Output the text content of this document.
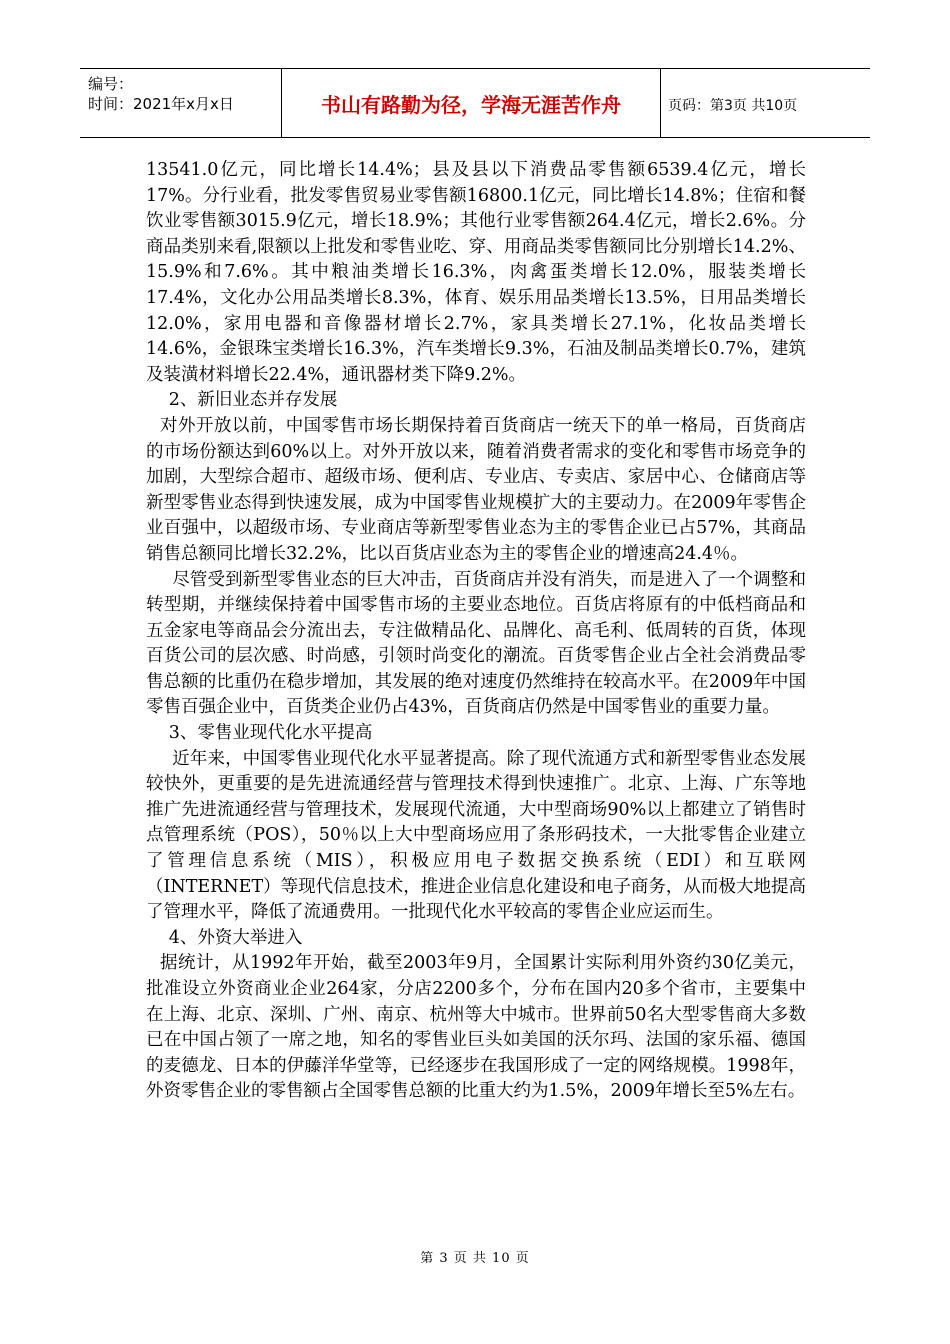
编号：
时间：2021年x月x日	书山有路勤为径，学海无涯苦作舟	页码：第3页 共10页

13541.0亿元，同比增长14.4%；县及县以下消费品零售额6539.4亿元，增长17%。分行业看，批发零售贸易业零售额16800.1亿元，同比增长14.8%；住宿和餐饮业零售额3015.9亿元，增长18.9%；其他行业零售额264.4亿元，增长2.6%。分商品类别来看,限额以上批发和零售业吃、穿、用商品类零售额同比分别增长14.2%、15.9%和7.6%。其中粮油类增长16.3%，肉禽蛋类增长12.0%，服装类增长17.4%，文化办公用品类增长8.3%，体育、娱乐用品类增长13.5%，日用品类增长12.0%，家用电器和音像器材增长2.7%，家具类增长27.1%，化妆品类增长14.6%，金银珠宝类增长16.3%，汽车类增长9.3%，石油及制品类增长0.7%，建筑及装潢材料增长22.4%，通讯器材类下降9.2%。

2、新旧业态并存发展

对外开放以前，中国零售市场长期保持着百货商店一统天下的单一格局，百货商店的市场份额达到60%以上。对外开放以来，随着消费者需求的变化和零售市场竞争的加剧，大型综合超市、超级市场、便利店、专业店、专卖店、家居中心、仓储商店等新型零售业态得到快速发展，成为中国零售业规模扩大的主要动力。在2009年零售企业百强中，以超级市场、专业商店等新型零售业态为主的零售企业已占57%，其商品销售总额同比增长32.2%，比以百货店业态为主的零售企业的增速高24.4％。

尽管受到新型零售业态的巨大冲击，百货商店并没有消失，而是进入了一个调整和转型期，并继续保持着中国零售市场的主要业态地位。百货店将原有的中低档商品和五金家电等商品会分流出去，专注做精品化、品牌化、高毛利、低周转的百货，体现百货公司的层次感、时尚感，引领时尚变化的潮流。百货零售企业占全社会消费品零售总额的比重仍在稳步增加，其发展的绝对速度仍然维持在较高水平。在2009年中国零售百强企业中，百货类企业仍占43%，百货商店仍然是中国零售业的重要力量。

3、零售业现代化水平提高

近年来，中国零售业现代化水平显著提高。除了现代流通方式和新型零售业态发展较快外，更重要的是先进流通经营与管理技术得到快速推广。北京、上海、广东等地推广先进流通经营与管理技术，发展现代流通，大中型商场90%以上都建立了销售时点管理系统（POS），50％以上大中型商场应用了条形码技术，一大批零售企业建立了管理信息系统（MIS），积极应用电子数据交换系统（EDI）和互联网（INTERNET）等现代信息技术，推进企业信息化建设和电子商务，从而极大地提高了管理水平，降低了流通费用。一批现代化水平较高的零售企业应运而生。

4、外资大举进入

据统计，从1992年开始，截至2003年9月，全国累计实际利用外资约30亿美元，批准设立外资商业企业264家，分店2200多个，分布在国内20多个省市，主要集中在上海、北京、深圳、广州、南京、杭州等大中城市。世界前50名大型零售商大多数已在中国占领了一席之地，知名的零售业巨头如美国的沃尔玛、法国的家乐福、德国的麦德龙、日本的伊藤洋华堂等，已经逐步在我国形成了一定的网络规模。1998年，外资零售企业的零售额占全国零售总额的比重大约为1.5%，2009年增长至5%左右。

第 3 页 共 10 页
